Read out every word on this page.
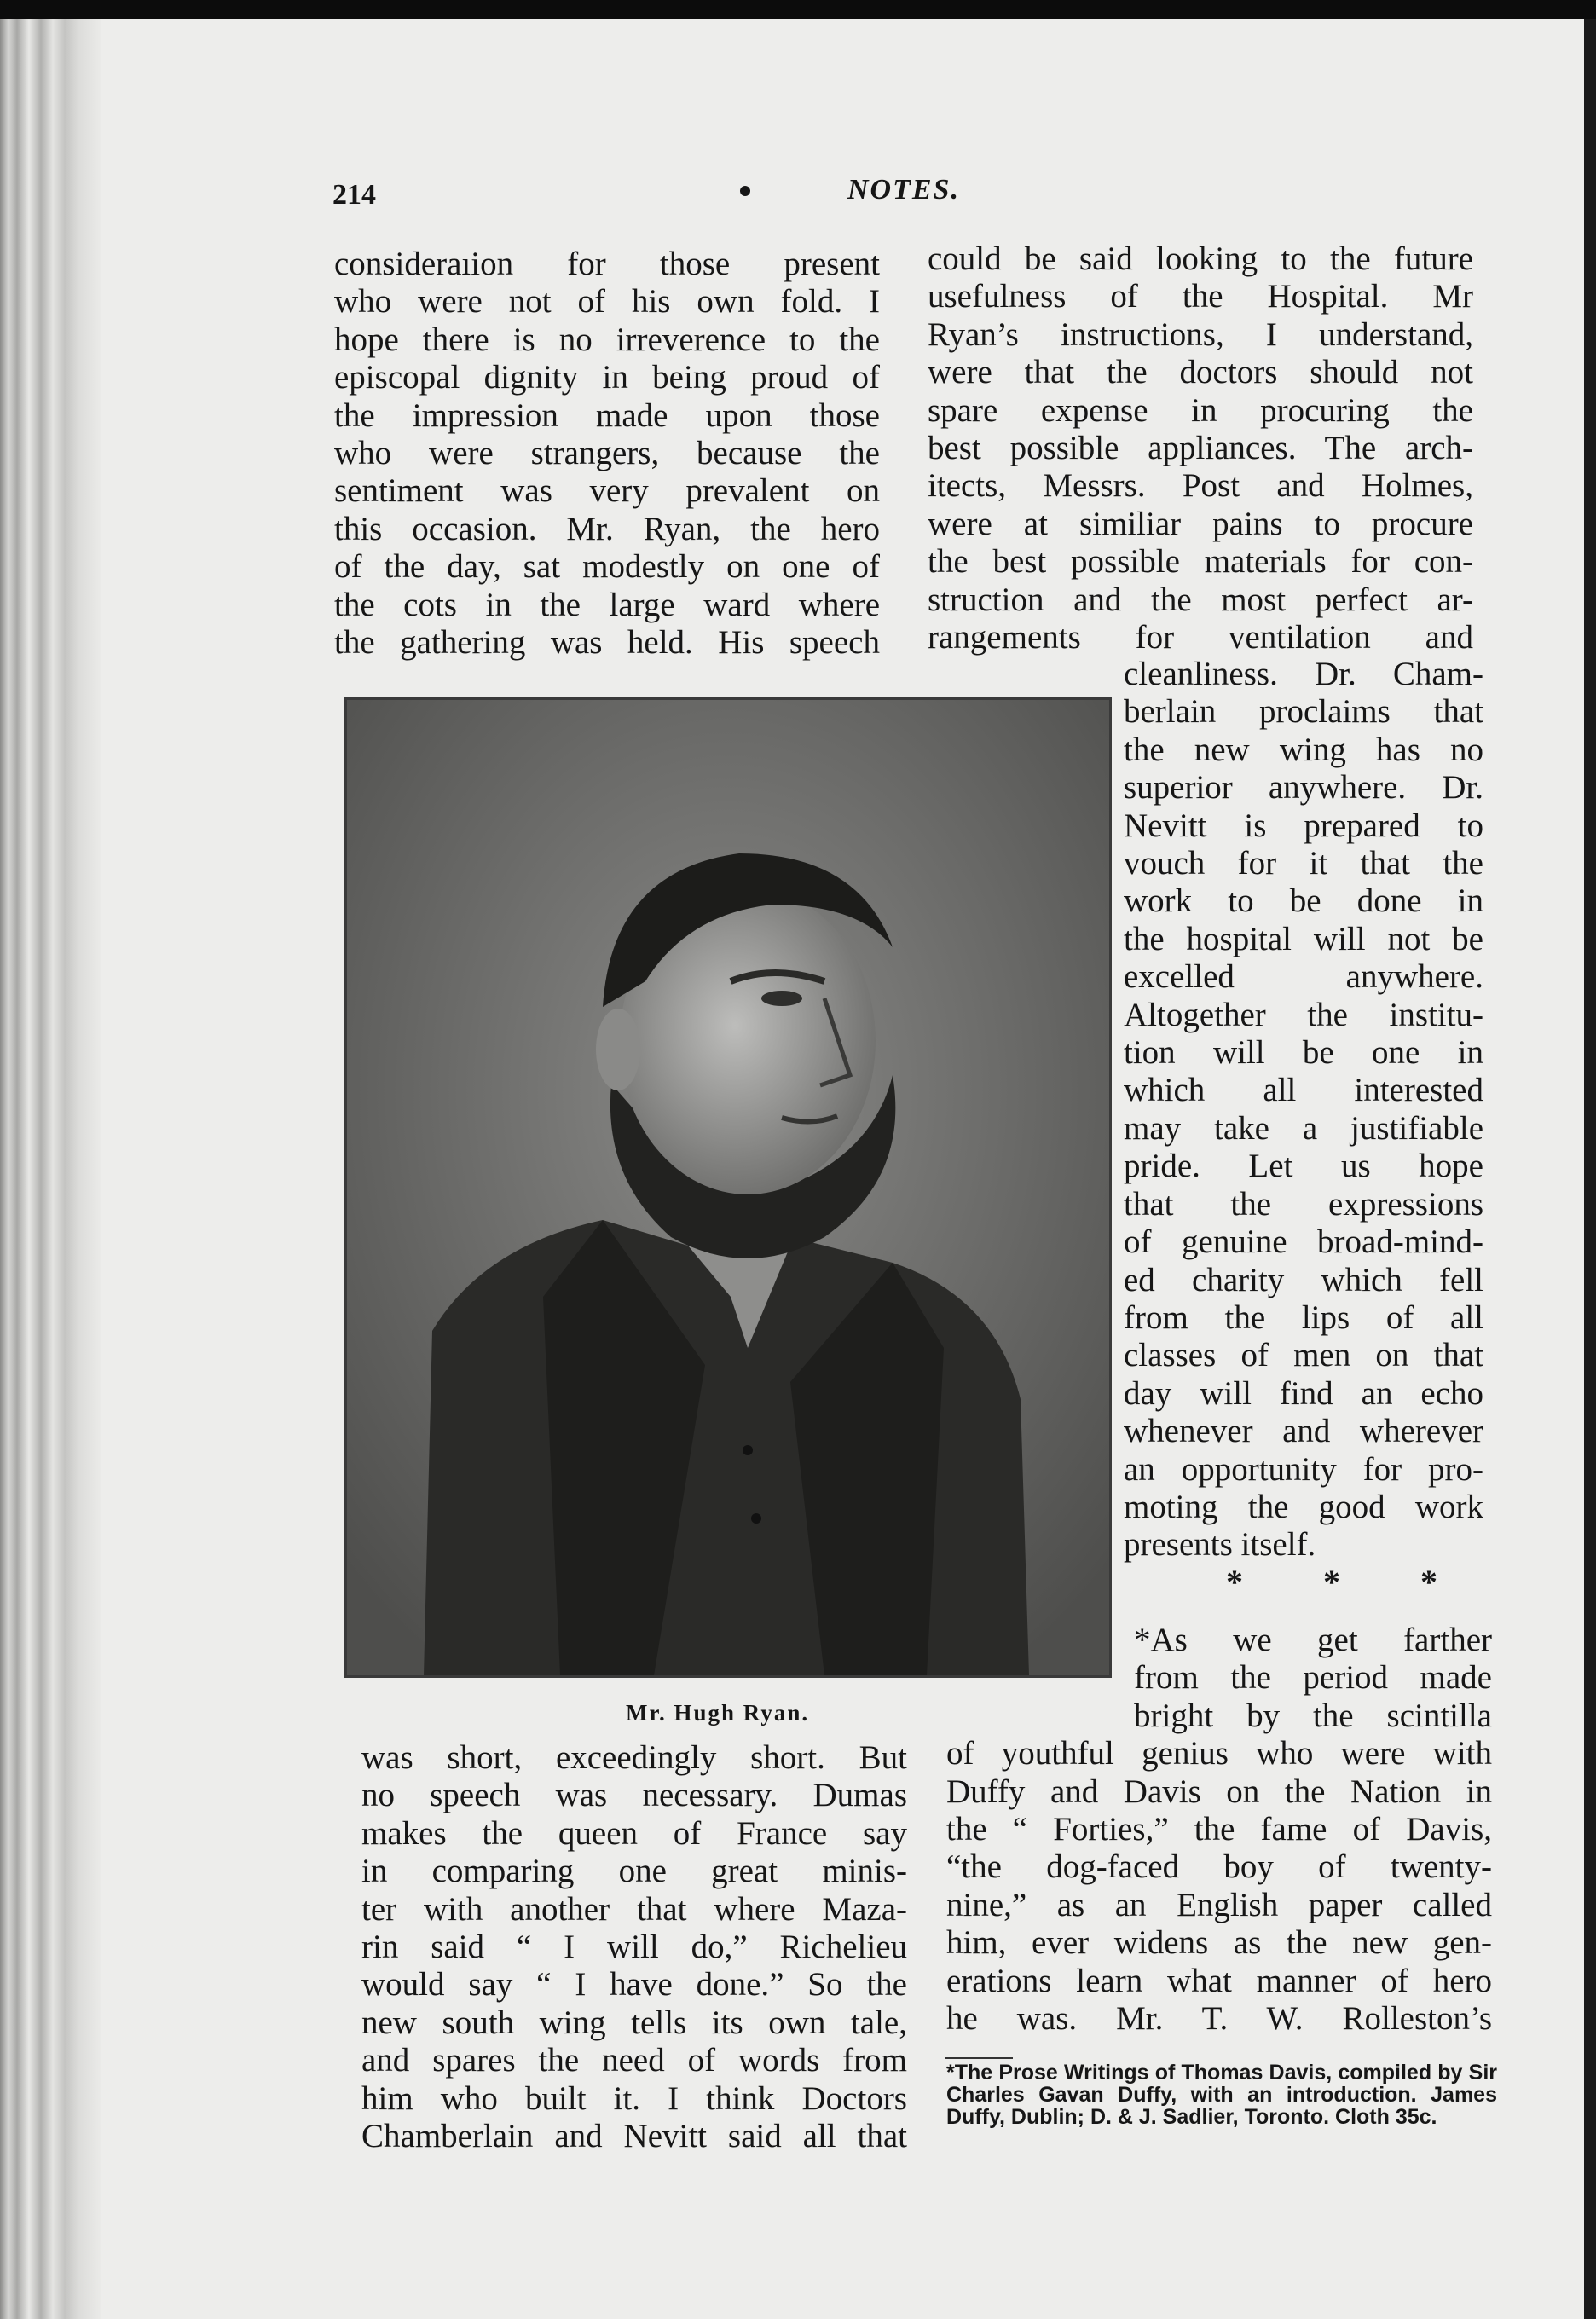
214	NOTES.

consideraıion for those present

who were not of his own fold. I

hope there is no irreverence to the

episcopal dignity in being proud of

the impression made upon those

who were strangers, because the

sentiment was very prevalent on

this occasion. Mr. Ryan, the hero

of the day, sat modestly on one of

the cots in the large ward where

the gathering was held. His speech

could be said looking to the future

usefulness of the Hospital. Mr

Ryan’s instructions, I understand,

were that the doctors should not

spare expense in procuring the

best possible appliances. The arch-

itects, Messrs. Post and Holmes,

were at similiar pains to procure

the best possible materials for con-

struction and the most perfect ar-

rangements for ventilation and

cleanliness. Dr. Cham-

berlain proclaims that

the new wing has no

superior anywhere. Dr.

Nevitt is prepared to

vouch for it that the

work to be done in

the hospital will not be

excelled anywhere.

Altogether the institu-

tion will be one in

which all interested

may take a justifiable

pride. Let us hope

that the expressions

of genuine broad-mind-

ed charity which fell

from the lips of all

classes of men on that

day will find an echo

whenever and wherever

an opportunity for pro-

moting the good work

presents itself.

* * *

*As we get farther

from the period made

bright by the scintilla

of youthful genius who were with

Duffy and Davis on the Nation in

the “ Forties,” the fame of Davis,

“the dog-faced boy of twenty-

nine,” as an English paper called

him, ever widens as the new gen-

erations learn what manner of hero

he was. Mr. T. W. Rolleston’s

was short, exceedingly short. But

no speech was necessary. Dumas

makes the queen of France say

in comparing one great minis-

ter with another that where Maza-

rin said “ I will do,” Richelieu

would say “ I have done.” So the

new south wing tells its own tale,

and spares the need of words from

him who built it. I think Doctors

Chamberlain and Nevitt said all that

Mr. Hugh Ryan.
*The Prose Writings of Thomas Davis, compiled by Sir Charles Gavan Duffy, with an introduction. James Duffy, Dublin; D. & J. Sadlier, Toronto. Cloth 35c.
